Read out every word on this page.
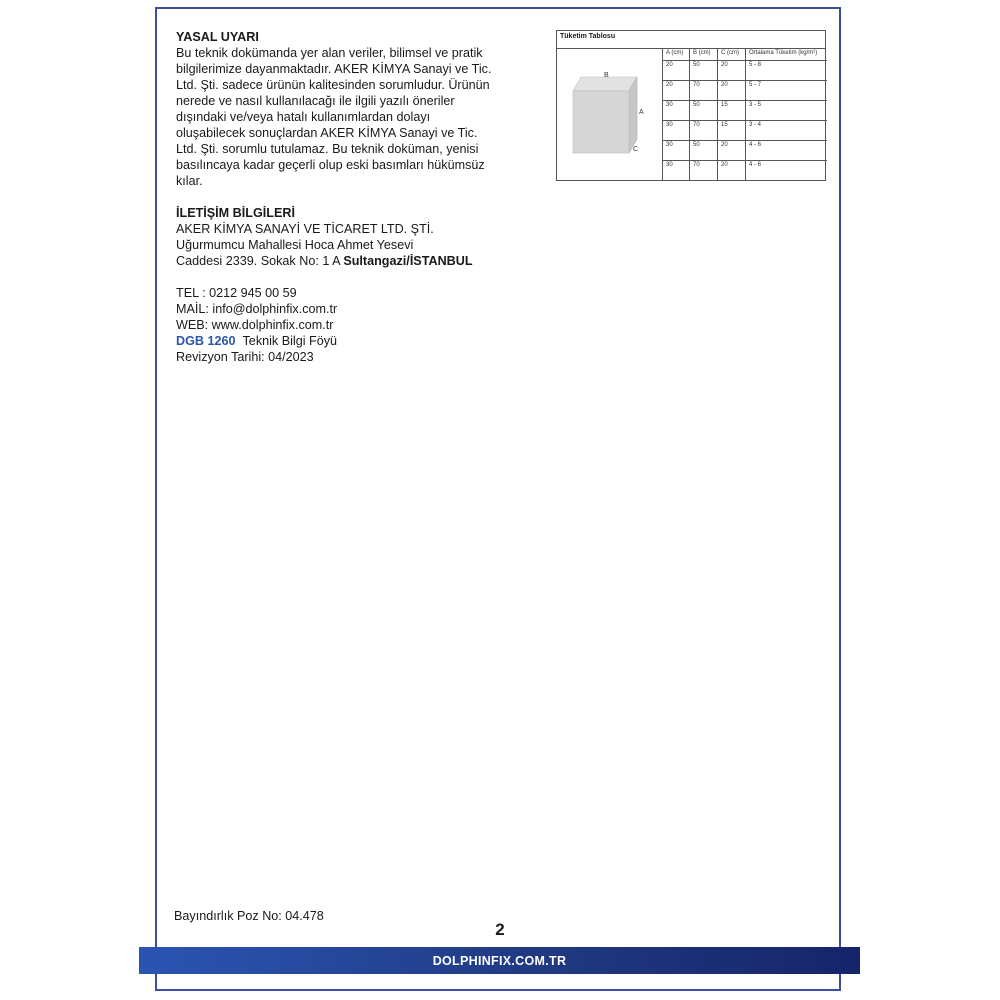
YASAL UYARI

Bu teknik dokümanda yer alan veriler, bilimsel ve pratik

bilgilerimize dayanmaktadır. AKER KİMYA Sanayi ve Tic.

Ltd. Şti. sadece ürünün kalitesinden sorumludur. Ürünün

nerede ve nasıl kullanılacağı ile ilgili yazılı öneriler

dışındaki ve/veya hatalı kullanımlardan dolayı

oluşabilecek sonuçlardan AKER KİMYA Sanayi ve Tic.

Ltd. Şti. sorumlu tutulamaz. Bu teknik doküman, yenisi

basılıncaya kadar geçerli olup eski basımları hükümsüz

kılar.

İLETİŞİM BİLGİLERİ

AKER KİMYA SANAYİ VE TİCARET LTD. ŞTİ.

Uğurmumcu Mahallesi Hoca Ahmet Yesevi

Caddesi 2339. Sokak No: 1 A Sultangazi/İSTANBUL

TEL : 0212 945 00 59

MAİL: info@dolphinfix.com.tr

WEB: www.dolphinfix.com.tr

DGB 1260 Teknik Bilgi Föyü

Revizyon Tarihi: 04/2023

Tüketim Tablosu
B
A
C
A (cm)	B (cm)	C (cm)	Ortalama Tüketim (kg/m²)
20	50	20	5 - 8
20	70	20	5 - 7
30	50	15	3 - 5
30	70	15	3 - 4
30	50	20	4 - 6
30	70	20	4 - 6
Bayındırlık Poz No: 04.478
2
DOLPHINFIX.COM.TR
